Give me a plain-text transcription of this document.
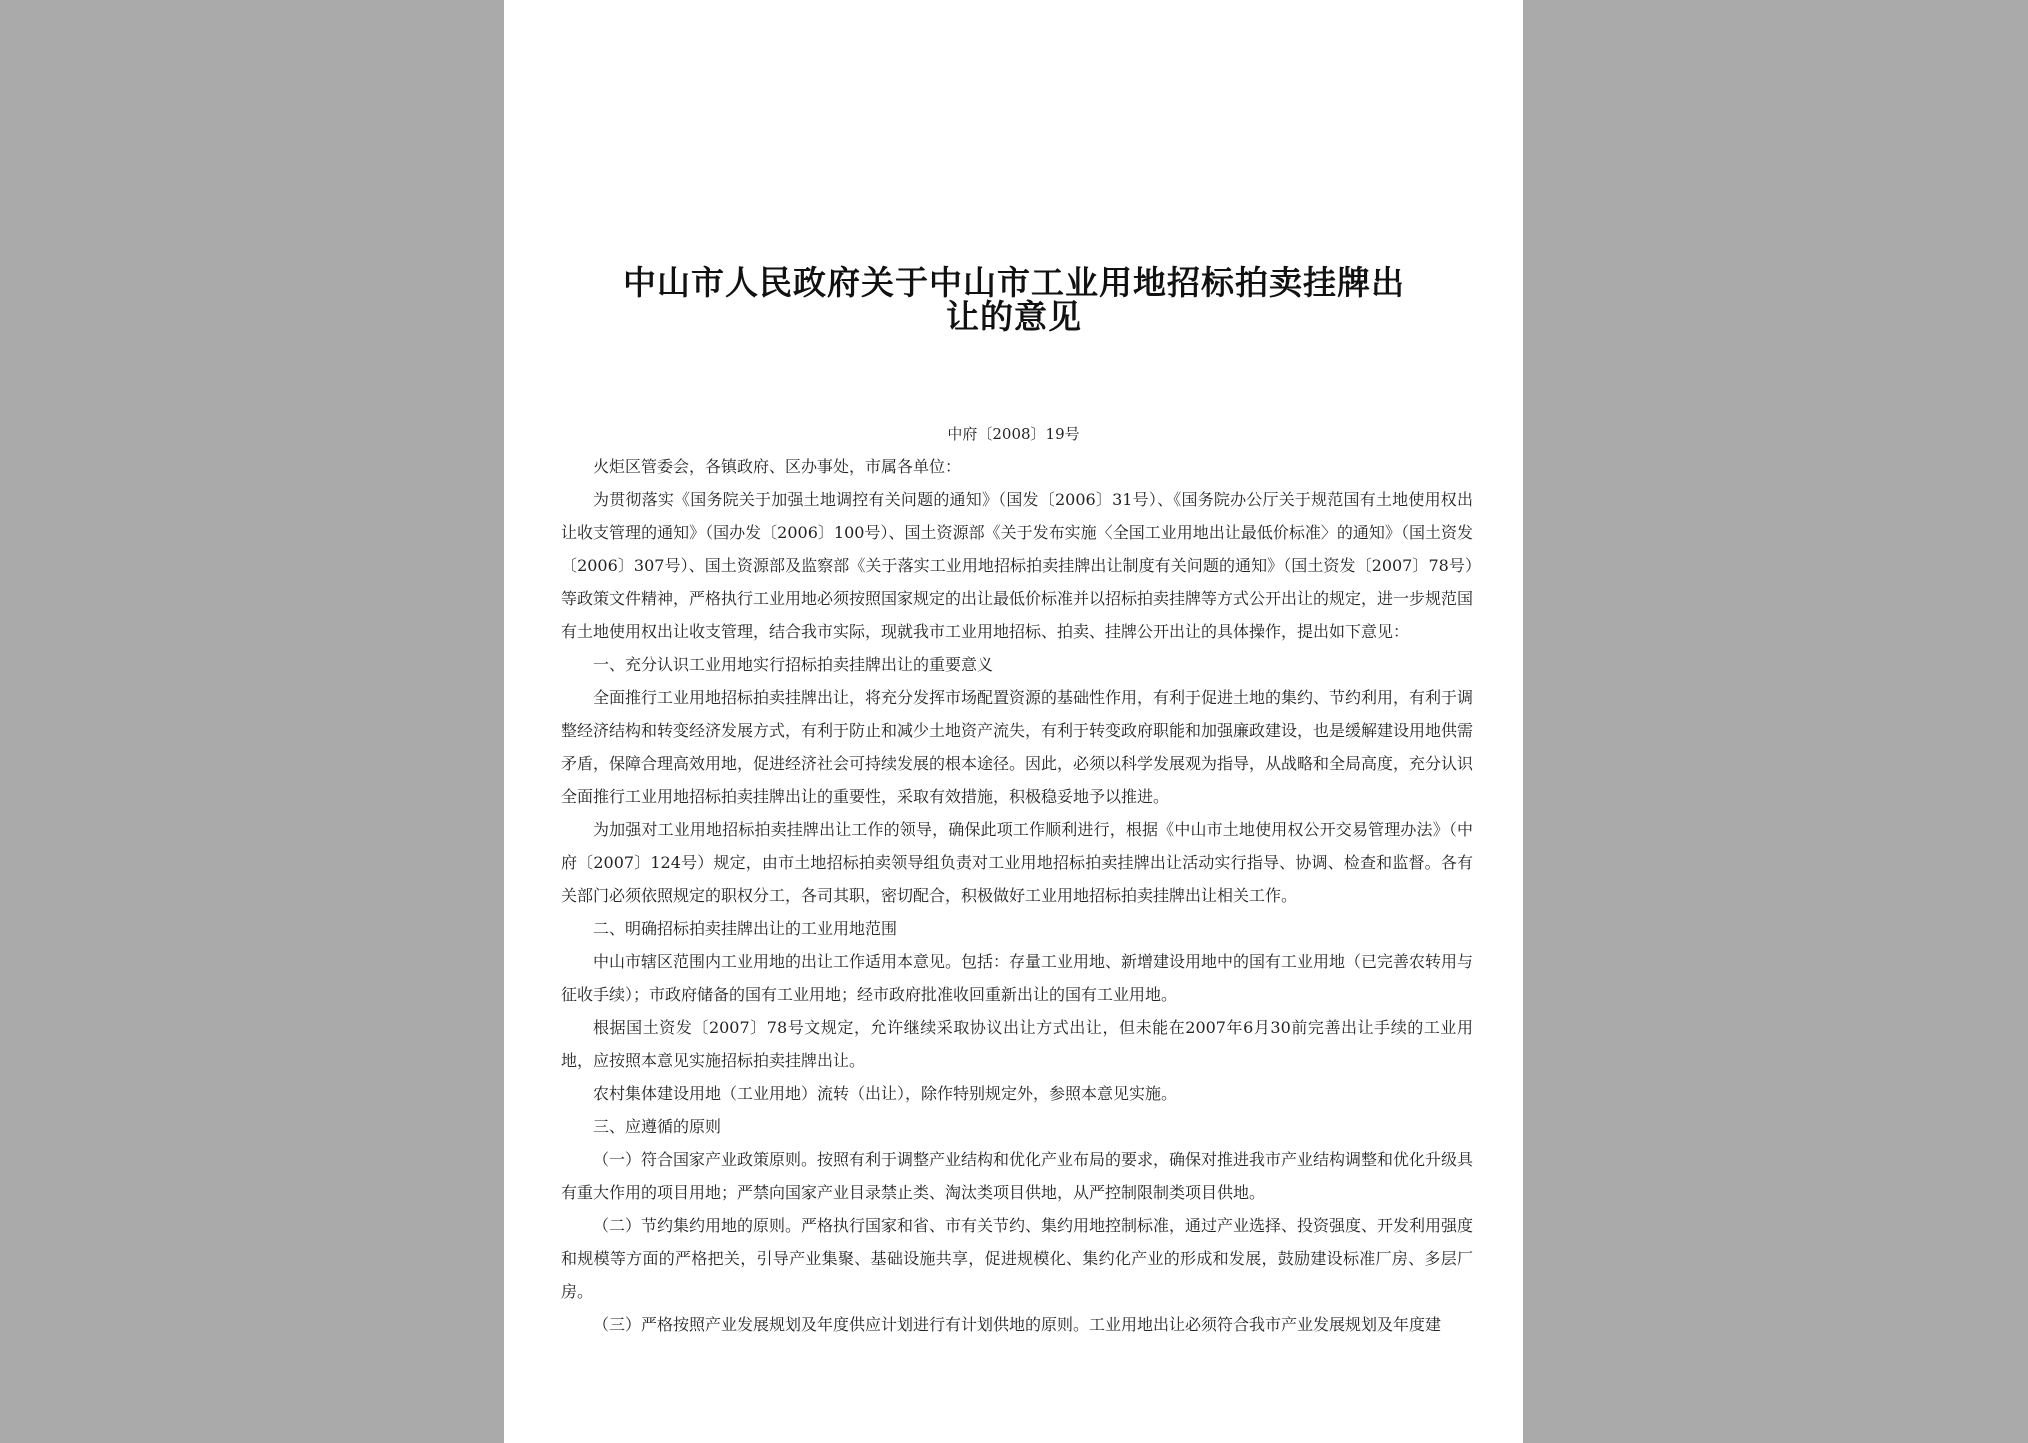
中山市人民政府关于中山市工业用地招标拍卖挂牌出
让的意见
中府〔2008〕19号

火炬区管委会，各镇政府、区办事处，市属各单位：

为贯彻落实《国务院关于加强土地调控有关问题的通知》（国发〔2006〕31号）、《国务院办公厅关于规范国有土地使用权出让收支管理的通知》（国办发〔2006〕100号）、国土资源部《关于发布实施〈全国工业用地出让最低价标准〉的通知》（国土资发〔2006〕307号）、国土资源部及监察部《关于落实工业用地招标拍卖挂牌出让制度有关问题的通知》（国土资发〔2007〕78号）等政策文件精神，严格执行工业用地必须按照国家规定的出让最低价标准并以招标拍卖挂牌等方式公开出让的规定，进一步规范国有土地使用权出让收支管理，结合我市实际，现就我市工业用地招标、拍卖、挂牌公开出让的具体操作，提出如下意见：

一、充分认识工业用地实行招标拍卖挂牌出让的重要意义

全面推行工业用地招标拍卖挂牌出让，将充分发挥市场配置资源的基础性作用，有利于促进土地的集约、节约利用，有利于调整经济结构和转变经济发展方式，有利于防止和减少土地资产流失，有利于转变政府职能和加强廉政建设，也是缓解建设用地供需矛盾，保障合理高效用地，促进经济社会可持续发展的根本途径。因此，必须以科学发展观为指导，从战略和全局高度，充分认识全面推行工业用地招标拍卖挂牌出让的重要性，采取有效措施，积极稳妥地予以推进。

为加强对工业用地招标拍卖挂牌出让工作的领导，确保此项工作顺利进行，根据《中山市土地使用权公开交易管理办法》（中府〔2007〕124号）规定，由市土地招标拍卖领导组负责对工业用地招标拍卖挂牌出让活动实行指导、协调、检查和监督。各有关部门必须依照规定的职权分工，各司其职，密切配合，积极做好工业用地招标拍卖挂牌出让相关工作。

二、明确招标拍卖挂牌出让的工业用地范围

中山市辖区范围内工业用地的出让工作适用本意见。包括：存量工业用地、新增建设用地中的国有工业用地（已完善农转用与征收手续）；市政府储备的国有工业用地；经市政府批准收回重新出让的国有工业用地。

根据国土资发〔2007〕78号文规定，允许继续采取协议出让方式出让，但未能在2007年6月30前完善出让手续的工业用地，应按照本意见实施招标拍卖挂牌出让。

农村集体建设用地（工业用地）流转（出让），除作特别规定外，参照本意见实施。

三、应遵循的原则

（一）符合国家产业政策原则。按照有利于调整产业结构和优化产业布局的要求，确保对推进我市产业结构调整和优化升级具有重大作用的项目用地；严禁向国家产业目录禁止类、淘汰类项目供地，从严控制限制类项目供地。

（二）节约集约用地的原则。严格执行国家和省、市有关节约、集约用地控制标准，通过产业选择、投资强度、开发利用强度和规模等方面的严格把关，引导产业集聚、基础设施共享，促进规模化、集约化产业的形成和发展，鼓励建设标准厂房、多层厂房。

（三）严格按照产业发展规划及年度供应计划进行有计划供地的原则。工业用地出让必须符合我市产业发展规划及年度建
